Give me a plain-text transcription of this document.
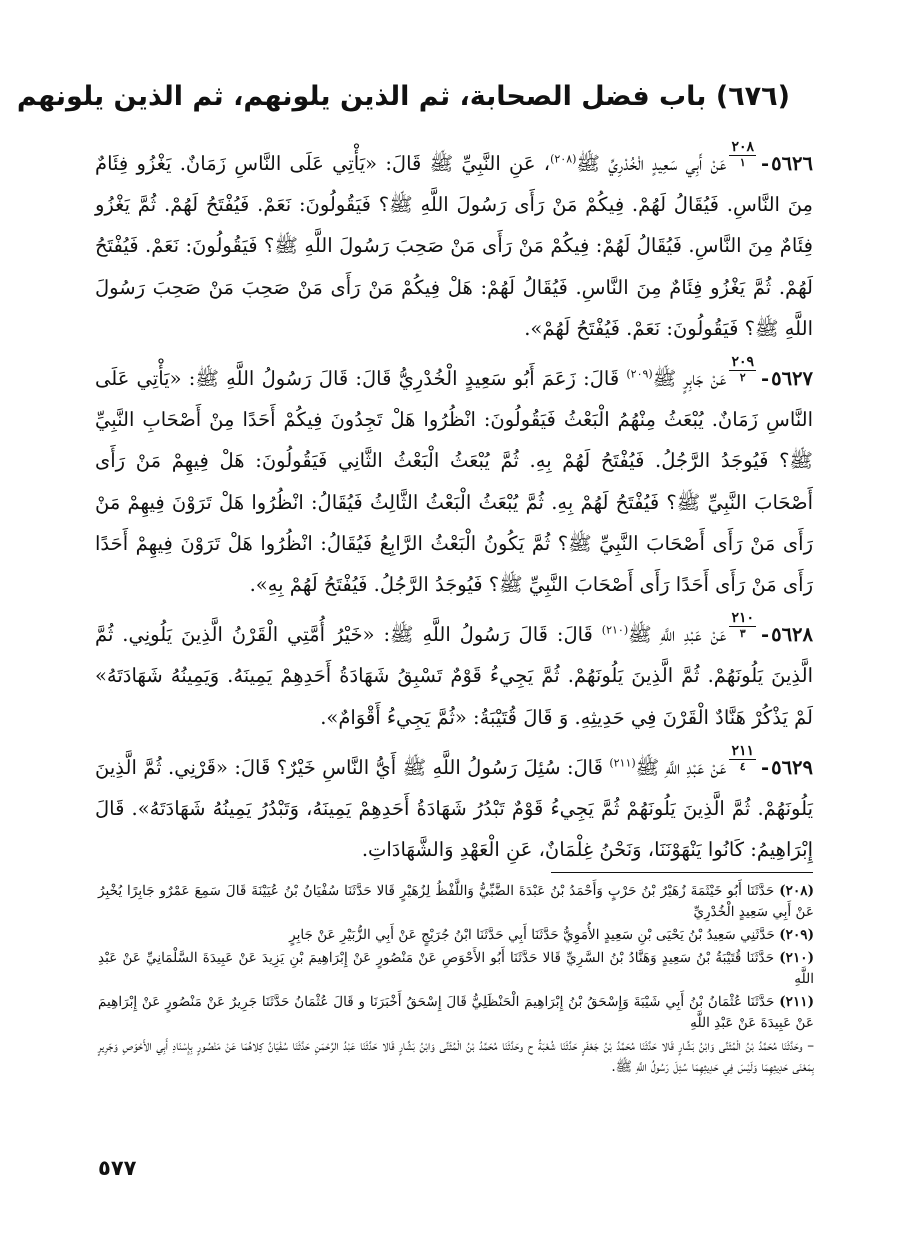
(٦٧٦) باب فضل الصحابة، ثم الذين يلونهم، ثم الذين يلونهم

٥٦٢٦-
٢٠٨
١
عَنْ أَبِي سَعِيدٍ الْخُدْرِيِّ ﷺ$^{(٢٠٨)}$، عَنِ النَّبِيِّ ﷺ قَالَ: «يَأْتِي عَلَى النَّاسِ زَمَانٌ. يَغْزُو فِئَامٌ مِنَ النَّاسِ. فَيُقَالُ لَهُمْ. فِيكُمْ مَنْ رَأَى رَسُولَ اللَّهِ ﷺ؟ فَيَقُولُونَ: نَعَمْ. فَيُفْتَحُ لَهُمْ. ثُمَّ يَغْزُو فِئَامٌ مِنَ النَّاسِ. فَيُقَالُ لَهُمْ: فِيكُمْ مَنْ رَأَى مَنْ صَحِبَ رَسُولَ اللَّهِ ﷺ؟ فَيَقُولُونَ: نَعَمْ. فَيُفْتَحُ لَهُمْ. ثُمَّ يَغْزُو فِئَامٌ مِنَ النَّاسِ. فَيُقَالُ لَهُمْ: هَلْ فِيكُمْ مَنْ رَأَى مَنْ صَحِبَ مَنْ صَحِبَ رَسُولَ اللَّهِ ﷺ؟ فَيَقُولُونَ: نَعَمْ. فَيُفْتَحُ لَهُمْ».

٥٦٢٧-
٢٠٩
٢
عَنْ جَابِرٍ ﷺ$^{(٢٠٩)}$ قَالَ: زَعَمَ أَبُو سَعِيدٍ الْخُدْرِيُّ قَالَ: قَالَ رَسُولُ اللَّهِ ﷺ: «يَأْتِي عَلَى النَّاسِ زَمَانٌ. يُبْعَثُ مِنْهُمُ الْبَعْثُ فَيَقُولُونَ: انْظُرُوا هَلْ تَجِدُونَ فِيكُمْ أَحَدًا مِنْ أَصْحَابِ النَّبِيِّ ﷺ؟ فَيُوجَدُ الرَّجُلُ. فَيُفْتَحُ لَهُمْ بِهِ. ثُمَّ يُبْعَثُ الْبَعْثُ الثَّانِي فَيَقُولُونَ: هَلْ فِيهِمْ مَنْ رَأَى أَصْحَابَ النَّبِيِّ ﷺ؟ فَيُفْتَحُ لَهُمْ بِهِ. ثُمَّ يُبْعَثُ الْبَعْثُ الثَّالِثُ فَيُقَالُ: انْظُرُوا هَلْ تَرَوْنَ فِيهِمْ مَنْ رَأَى مَنْ رَأَى أَصْحَابَ النَّبِيِّ ﷺ؟ ثُمَّ يَكُونُ الْبَعْثُ الرَّابِعُ فَيُقَالُ: انْظُرُوا هَلْ تَرَوْنَ فِيهِمْ أَحَدًا رَأَى مَنْ رَأَى أَحَدًا رَأَى أَصْحَابَ النَّبِيِّ ﷺ؟ فَيُوجَدُ الرَّجُلُ. فَيُفْتَحُ لَهُمْ بِهِ».

٥٦٢٨-
٢١٠
٣
عَنْ عَبْدِ اللَّهِ ﷺ$^{(٢١٠)}$ قَالَ: قَالَ رَسُولُ اللَّهِ ﷺ: «خَيْرُ أُمَّتِي الْقَرْنُ الَّذِينَ يَلُونِي. ثُمَّ الَّذِينَ يَلُونَهُمْ. ثُمَّ الَّذِينَ يَلُونَهُمْ. ثُمَّ يَجِيءُ قَوْمٌ تَسْبِقُ شَهَادَةُ أَحَدِهِمْ يَمِينَهُ. وَيَمِينُهُ شَهَادَتَهُ» لَمْ يَذْكُرْ هَنَّادٌ الْقَرْنَ فِي حَدِيثِهِ. وَ قَالَ قُتَيْبَةُ: «ثُمَّ يَجِيءُ أَقْوَامٌ».

٥٦٢٩-
٢١١
٤
عَنْ عَبْدِ اللَّهِ ﷺ$^{(٢١١)}$ قَالَ: سُئِلَ رَسُولُ اللَّهِ ﷺ أَيُّ النَّاسِ خَيْرٌ؟ قَالَ: «قَرْنِي. ثُمَّ الَّذِينَ يَلُونَهُمْ. ثُمَّ الَّذِينَ يَلُونَهُمْ ثُمَّ يَجِيءُ قَوْمٌ تَبْدُرُ شَهَادَةُ أَحَدِهِمْ يَمِينَهُ، وَتَبْدُرُ يَمِينُهُ شَهَادَتَهُ». قَالَ إِبْرَاهِيمُ: كَانُوا يَنْهَوْنَنَا، وَنَحْنُ غِلْمَانٌ، عَنِ الْعَهْدِ وَالشَّهَادَاتِ.

(٢٠٨) حَدَّثَنَا أَبُو خَيْثَمَةَ زُهَيْرُ بْنُ حَرْبٍ وَأَحْمَدُ بْنُ عَبْدَةَ الضَّبِّيُّ وَاللَّفْظُ لِزُهَيْرٍ قَالا حَدَّثَنَا سُفْيَانُ بْنُ عُيَيْنَةَ قَالَ سَمِعَ عَمْرٌو جَابِرًا يُخْبِرُ عَنْ أَبِي سَعِيدٍ الْخُدْرِيِّ

(٢٠٩) حَدَّثَنِي سَعِيدُ بْنُ يَحْيَى بْنِ سَعِيدٍ الأُمَوِيُّ حَدَّثَنَا أَبِي حَدَّثَنَا ابْنُ جُرَيْجٍ عَنْ أَبِي الزُّبَيْرِ عَنْ جَابِرٍ

(٢١٠) حَدَّثَنَا قُتَيْبَةُ بْنُ سَعِيدٍ وَهَنَّادُ بْنُ السَّرِيِّ قَالا حَدَّثَنَا أَبُو الأَحْوَصِ عَنْ مَنْصُورٍ عَنْ إِبْرَاهِيمَ بْنِ يَزِيدَ عَنْ عَبِيدَةَ السَّلْمَانِيِّ عَنْ عَبْدِ اللَّهِ

(٢١١) حَدَّثَنَا عُثْمَانُ بْنُ أَبِي شَيْبَةَ وَإِسْحَقُ بْنُ إِبْرَاهِيمَ الْحَنْظَلِيُّ قَالَ إِسْحَقُ أَخْبَرَنَا و قَالَ عُثْمَانُ حَدَّثَنَا جَرِيرٌ عَنْ مَنْصُورٍ عَنْ إِبْرَاهِيمَ عَنْ عَبِيدَةَ عَنْ عَبْدِ اللَّهِ

– وحَدَّثَنَا مُحَمَّدُ بْنُ الْمُثَنَّى وَابْنُ بَشَّارٍ قَالا حَدَّثَنَا مُحَمَّدُ بْنُ جَعْفَرٍ حَدَّثَنَا شُعْبَةُ ح وحَدَّثَنَا مُحَمَّدُ بْنُ الْمُثَنَّى وَابْنُ بَشَّارٍ قَالا حَدَّثَنَا عَبْدُ الرَّحْمَنِ حَدَّثَنَا سُفْيَانُ كِلاهُمَا عَنْ مَنْصُورٍ بِإِسْنَادِ أَبِي الأَحْوَصِ وَجَرِيرٍ بِمَعْنَى حَدِيثِهِمَا وَلَيْسَ فِي حَدِيثِهِمَا سُئِلَ رَسُولُ اللَّهِ ﷺ.

٥٧٧
